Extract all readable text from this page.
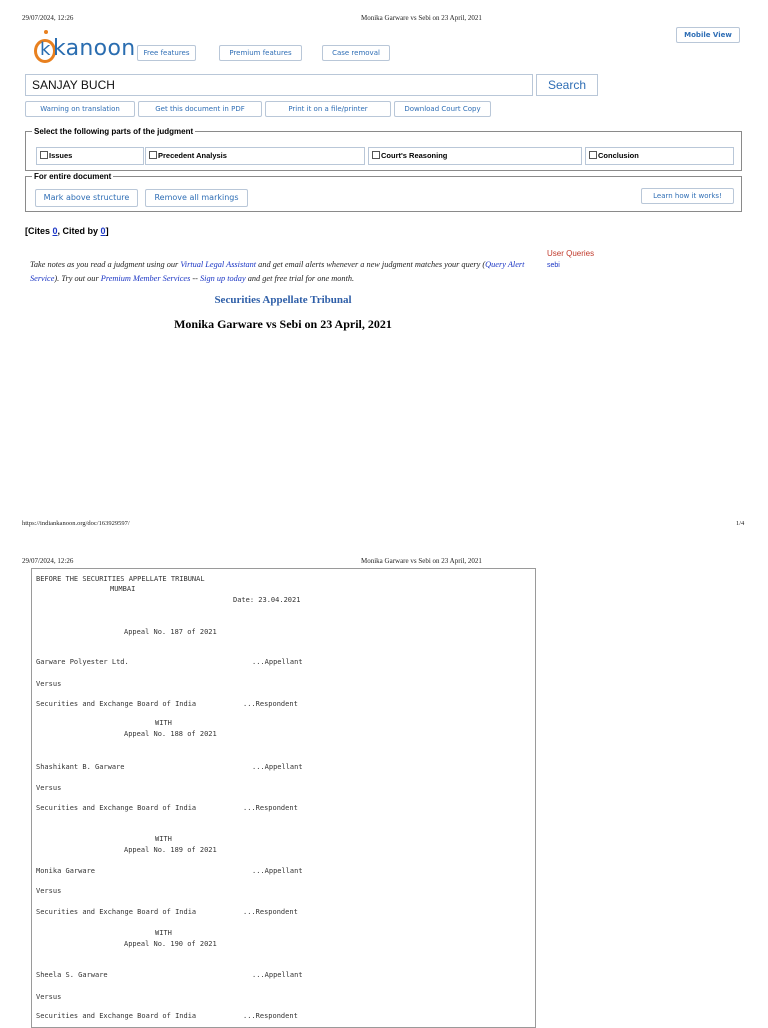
29/07/2024, 12:26	Monika Garware vs Sebi on 23 April, 2021
k kanoon	Free features	Premium features	Case removal
Mobile View
SANJAY BUCH	Search
Warning on translation	Get this document in PDF	Print it on a file/printer	Download Court Copy
Select the following parts of the judgment
Issues	Precedent Analysis	Court's Reasoning	Conclusion
For entire document
Mark above structure	Remove all markings	Learn how it works!
[Cites 0, Cited by 0]
Take notes as you read a judgment using our Virtual Legal Assistant and get email alerts whenever a new judgment matches your query (Query Alert Service). Try out our Premium Member Services -- Sign up today and get free trial for one month.
User Queries
sebi
Securities Appellate Tribunal
Monika Garware vs Sebi on 23 April, 2021
https://indiankanoon.org/doc/163929597/	1/4
29/07/2024, 12:26	Monika Garware vs Sebi on 23 April, 2021
BEFORE THE SECURITIES APPELLATE TRIBUNAL
MUMBAI
Date: 23.04.2021
Appeal No. 187 of 2021
Garware Polyester Ltd.	...Appellant
Versus
Securities and Exchange Board of India	...Respondent
WITH
Appeal No. 188 of 2021
Shashikant B. Garware	...Appellant
Versus
Securities and Exchange Board of India	...Respondent
WITH
Appeal No. 189 of 2021
Monika Garware	...Appellant
Versus
Securities and Exchange Board of India	...Respondent
WITH
Appeal No. 190 of 2021
Sheela S. Garware	...Appellant
Versus
Securities and Exchange Board of India	...Respondent
